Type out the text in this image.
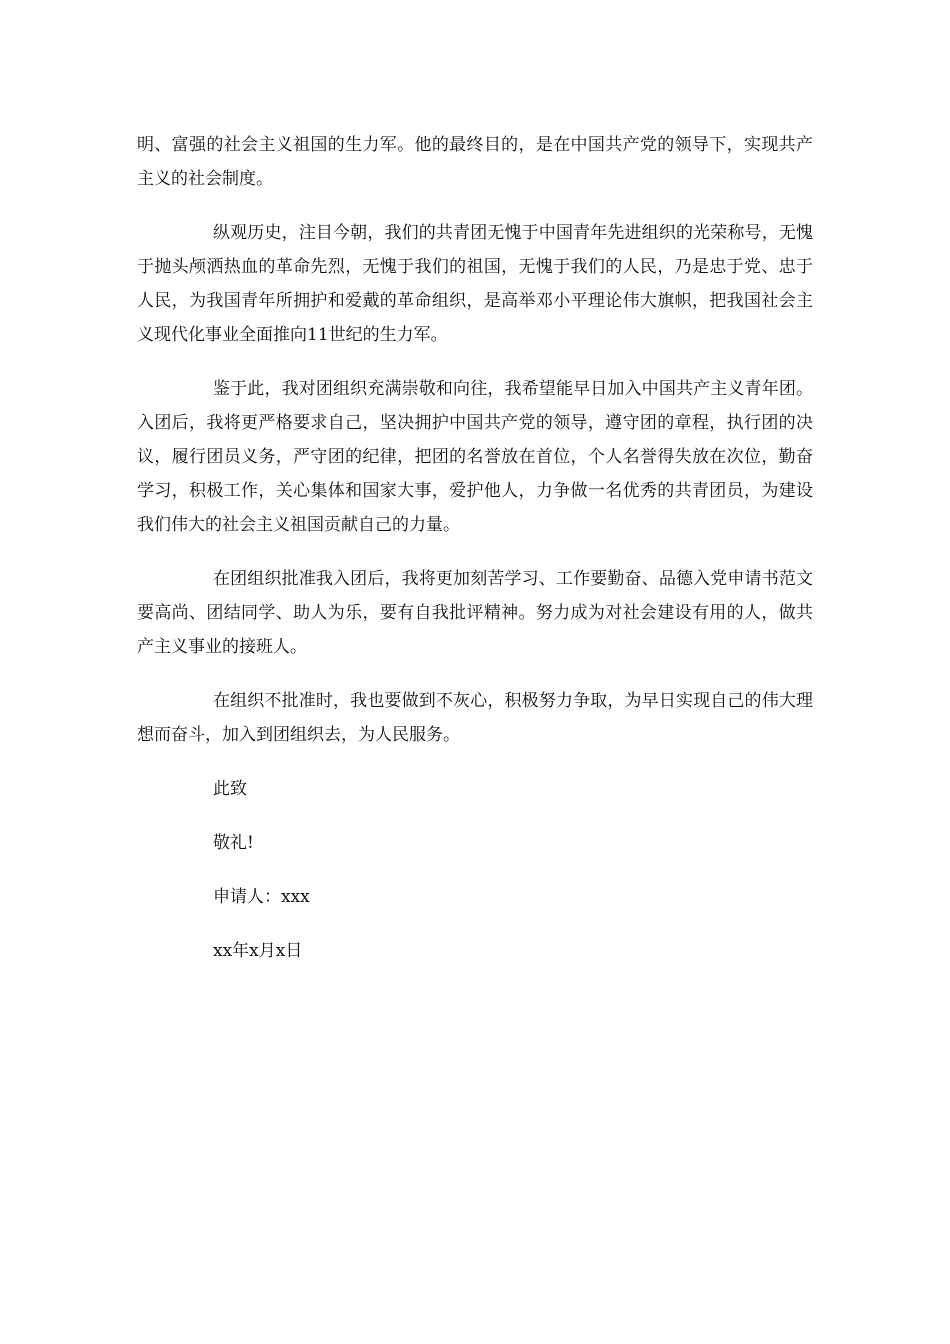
明、富强的社会主义祖国的生力军。他的最终目的，是在中国共产党的领导下，实现共产主义的社会制度。

纵观历史，注目今朝，我们的共青团无愧于中国青年先进组织的光荣称号，无愧于抛头颅洒热血的革命先烈，无愧于我们的祖国，无愧于我们的人民，乃是忠于党、忠于人民，为我国青年所拥护和爱戴的革命组织，是高举邓小平理论伟大旗帜，把我国社会主义现代化事业全面推向11世纪的生力军。

鉴于此，我对团组织充满崇敬和向往，我希望能早日加入中国共产主义青年团。入团后，我将更严格要求自己，坚决拥护中国共产党的领导，遵守团的章程，执行团的决议，履行团员义务，严守团的纪律，把团的名誉放在首位，个人名誉得失放在次位，勤奋学习，积极工作，关心集体和国家大事，爱护他人，力争做一名优秀的共青团员，为建设我们伟大的社会主义祖国贡献自己的力量。

在团组织批准我入团后，我将更加刻苦学习、工作要勤奋、品德入党申请书范文要高尚、团结同学、助人为乐，要有自我批评精神。努力成为对社会建设有用的人，做共产主义事业的接班人。

在组织不批准时，我也要做到不灰心，积极努力争取，为早日实现自己的伟大理想而奋斗，加入到团组织去，为人民服务。

此致
敬礼!
申请人：xxx
xx年x月x日
